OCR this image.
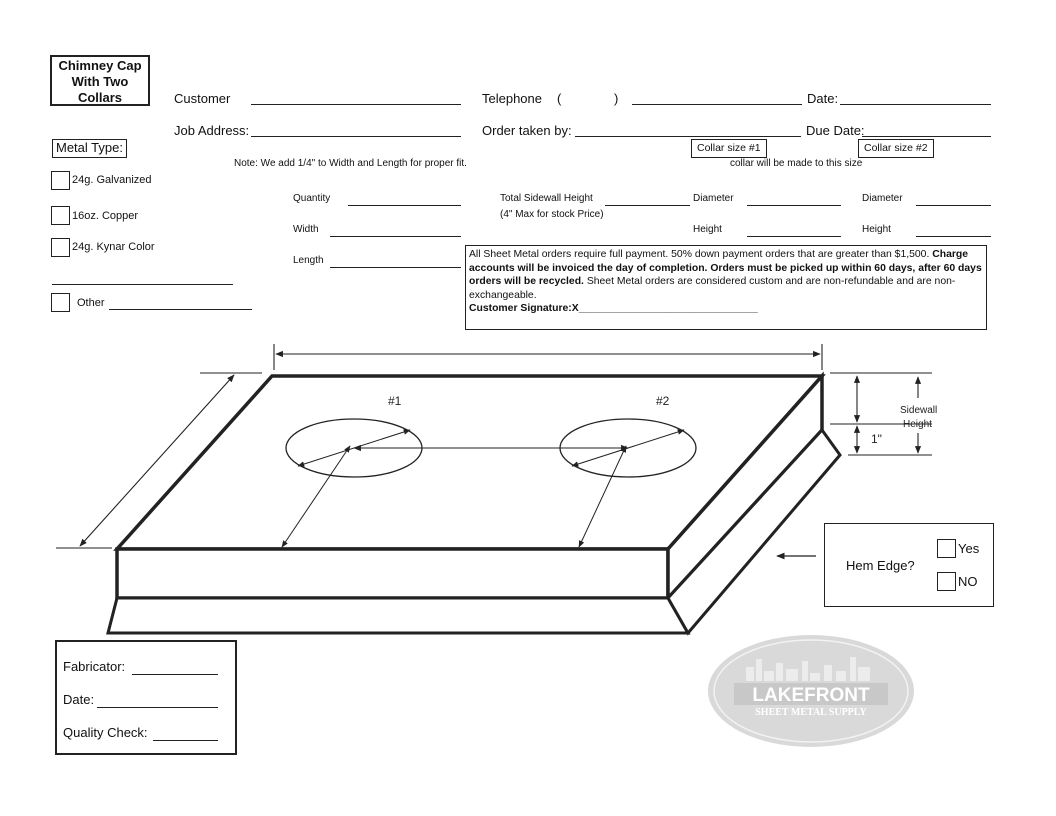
Chimney Cap
With Two
Collars	Customer	Telephone (	)	Date:
Job Address:	Order taken by:	Due Date:
Metal Type:
24g. Galvanized
16oz. Copper
24g. Kynar Color
Other
Note: We add 1/4" to Width and Length for proper fit.
Collar size #1	Collar size #2
collar will be made to this size
Quantity
Width
Length
Total Sidewall Height
(4" Max for stock Price)
Diameter
Height
Diameter
Height
All Sheet Metal orders require full payment. 50% down payment orders that are greater than $1,500. Charge accounts will be invoiced the day of completion. Orders must be picked up within 60 days, after 60 days orders will be recycled. Sheet Metal orders are considered custom and are non-refundable and are non-exchangeable.
Customer Signature:X_______________________________
#1	#2
Sidewall
Height
1"
Hem Edge?
Yes
NO
Fabricator:
Date:
Quality Check:
LAKEFRONT
SHEET METAL SUPPLY
